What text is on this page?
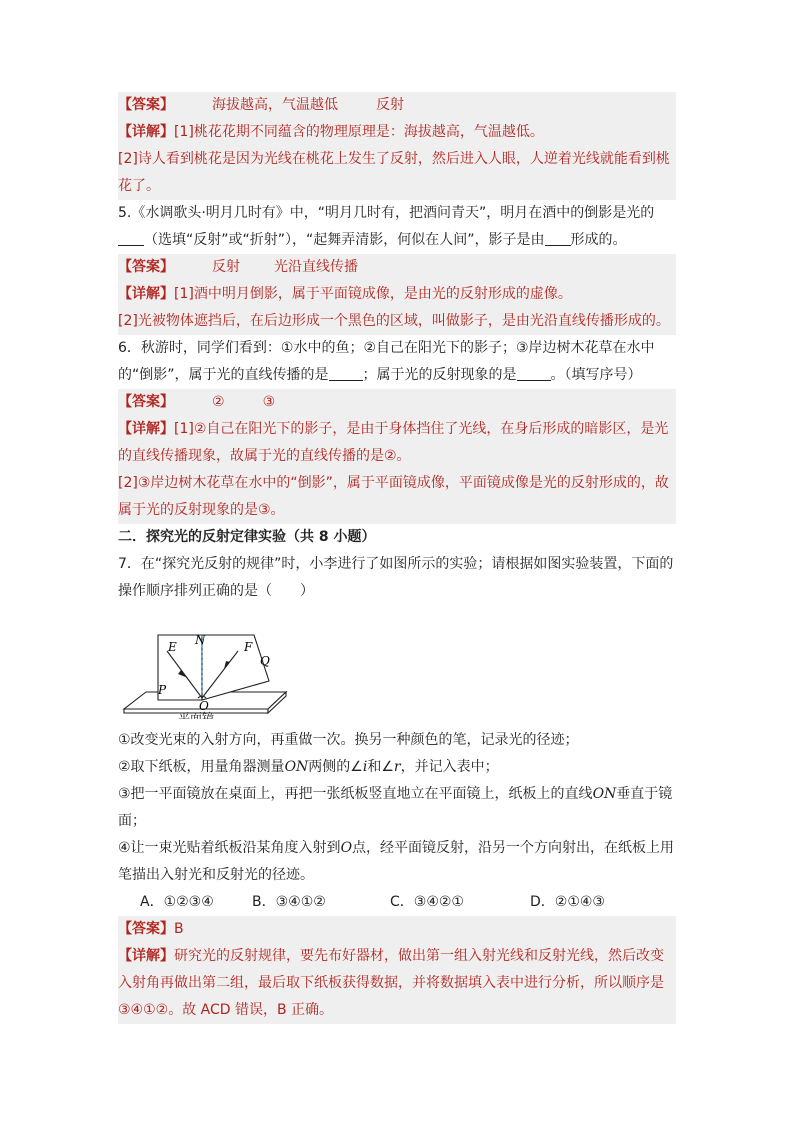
【答案】	海拔越高，气温越低	反射
【详解】[1]桃花花期不同蕴含的物理原理是：海拔越高，气温越低。
[2]诗人看到桃花是因为光线在桃花上发生了反射，然后进入人眼，人逆着光线就能看到桃花了。
5.《水调歌头·明月几时有》中，“明月几时有，把酒问青天”，明月在酒中的倒影是光的（选填“反射”或“折射”），“起舞弄清影，何似在人间”，影子是由 形成的。
【答案】	反射 光沿直线传播
【详解】[1]酒中明月倒影，属于平面镜成像，是由光的反射形成的虚像。
[2]光被物体遮挡后，在后边形成一个黑色的区域，叫做影子，是由光沿直线传播形成的。
6．秋游时，同学们看到：①水中的鱼；②自己在阳光下的影子；③岸边树木花草在水中的“倒影”，属于光的直线传播的是 ；属于光的反射现象的是 。（填写序号）
【答案】	②	③
【详解】[1]②自己在阳光下的影子，是由于身体挡住了光线，在身后形成的暗影区，是光的直线传播现象，故属于光的直线传播的是②。
[2]③岸边树木花草在水中的“倒影”，属于平面镜成像，平面镜成像是光的反射形成的，故属于光的反射现象的是③。
二．探究光的反射定律实验（共 8 小题）
7．在“探究光反射的规律”时，小李进行了如图所示的实验；请根据如图实验装置，下面的操作顺序排列正确的是（　　）
E N	F
Q
P
O
平面镜
①改变光束的入射方向，再重做一次。换另一种颜色的笔，记录光的径迹；
②取下纸板，用量角器测量ON两侧的∠i和∠r，并记入表中；
③把一平面镜放在桌面上，再把一张纸板竖直地立在平面镜上，纸板上的直线ON垂直于镜面；
④让一束光贴着纸板沿某角度入射到O点，经平面镜反射，沿另一个方向射出，在纸板上用笔描出入射光和反射光的径迹。
A．①②③④	B．③④①②	C．③④②①	D．②①④③
【答案】B
【详解】研究光的反射规律，要先布好器材，做出第一组入射光线和反射光线，然后改变入射角再做出第二组，最后取下纸板获得数据，并将数据填入表中进行分析，所以顺序是③④①②。故 ACD 错误，B 正确。
